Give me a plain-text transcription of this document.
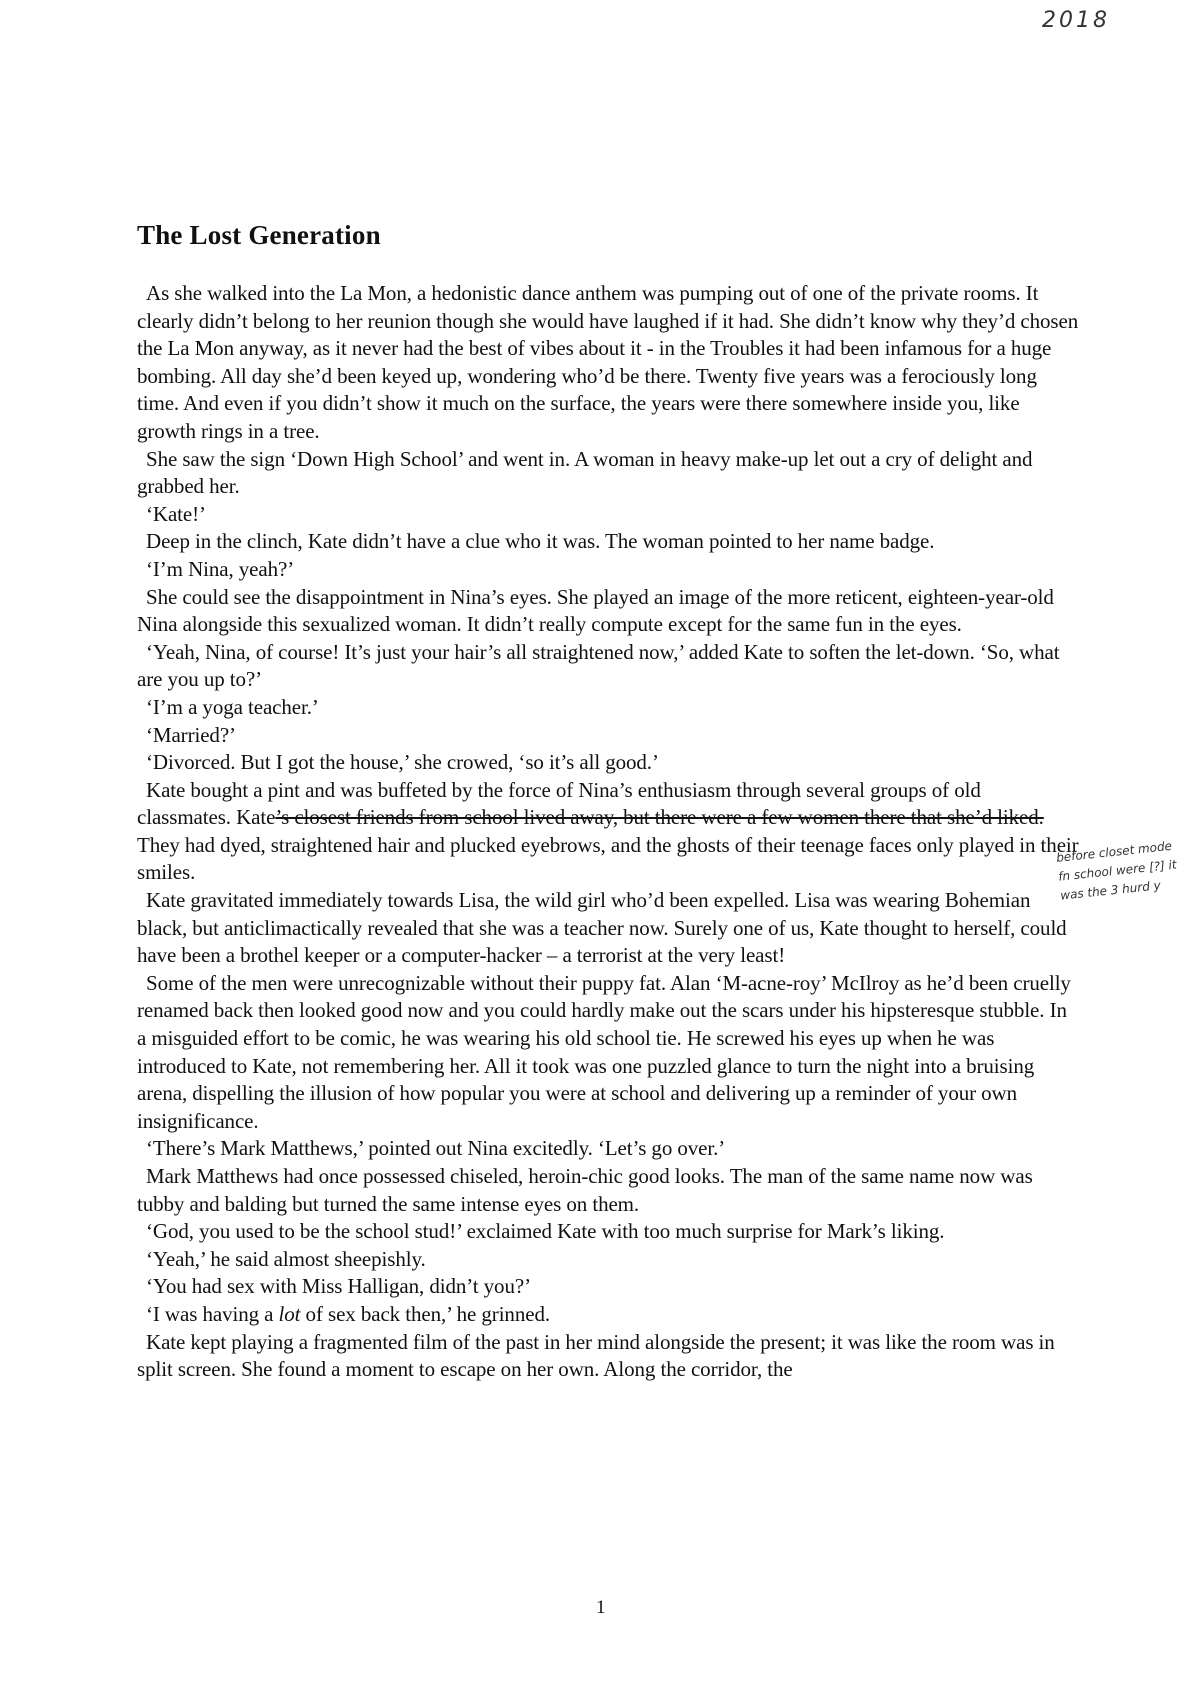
2018
The Lost Generation

As she walked into the La Mon, a hedonistic dance anthem was pumping out of one of the private rooms. It clearly didn’t belong to her reunion though she would have laughed if it had. She didn’t know why they’d chosen the La Mon anyway, as it never had the best of vibes about it - in the Troubles it had been infamous for a huge bombing. All day she’d been keyed up, wondering who’d be there. Twenty five years was a ferociously long time. And even if you didn’t show it much on the surface, the years were there somewhere inside you, like growth rings in a tree.

She saw the sign ‘Down High School’ and went in. A woman in heavy make-up let out a cry of delight and grabbed her.

‘Kate!’

Deep in the clinch, Kate didn’t have a clue who it was. The woman pointed to her name badge.

‘I’m Nina, yeah?’

She could see the disappointment in Nina’s eyes. She played an image of the more reticent, eighteen-year-old Nina alongside this sexualized woman. It didn’t really compute except for the same fun in the eyes.

‘Yeah, Nina, of course! It’s just your hair’s all straightened now,’ added Kate to soften the let-down. ‘So, what are you up to?’

‘I’m a yoga teacher.’

‘Married?’

‘Divorced. But I got the house,’ she crowed, ‘so it’s all good.’

Kate bought a pint and was buffeted by the force of Nina’s enthusiasm through several groups of old classmates. Kate’s closest friends from school lived away, but there were a few women there that she’d liked. They had dyed, straightened hair and plucked eyebrows, and the ghosts of their teenage faces only played in their smiles.

Kate gravitated immediately towards Lisa, the wild girl who’d been expelled. Lisa was wearing Bohemian black, but anticlimactically revealed that she was a teacher now. Surely one of us, Kate thought to herself, could have been a brothel keeper or a computer-hacker – a terrorist at the very least!

Some of the men were unrecognizable without their puppy fat. Alan ‘M-acne-roy’ McIlroy as he’d been cruelly renamed back then looked good now and you could hardly make out the scars under his hipsteresque stubble. In a misguided effort to be comic, he was wearing his old school tie. He screwed his eyes up when he was introduced to Kate, not remembering her. All it took was one puzzled glance to turn the night into a bruising arena, dispelling the illusion of how popular you were at school and delivering up a reminder of your own insignificance.

‘There’s Mark Matthews,’ pointed out Nina excitedly. ‘Let’s go over.’

Mark Matthews had once possessed chiseled, heroin-chic good looks. The man of the same name now was tubby and balding but turned the same intense eyes on them.

‘God, you used to be the school stud!’ exclaimed Kate with too much surprise for Mark’s liking.

‘Yeah,’ he said almost sheepishly.

‘You had sex with Miss Halligan, didn’t you?’

‘I was having a lot of sex back then,’ he grinned.

Kate kept playing a fragmented film of the past in her mind alongside the present; it was like the room was in split screen. She found a moment to escape on her own. Along the corridor, the

before closet mode fn school were [?] it was the 3 hurd y
1
